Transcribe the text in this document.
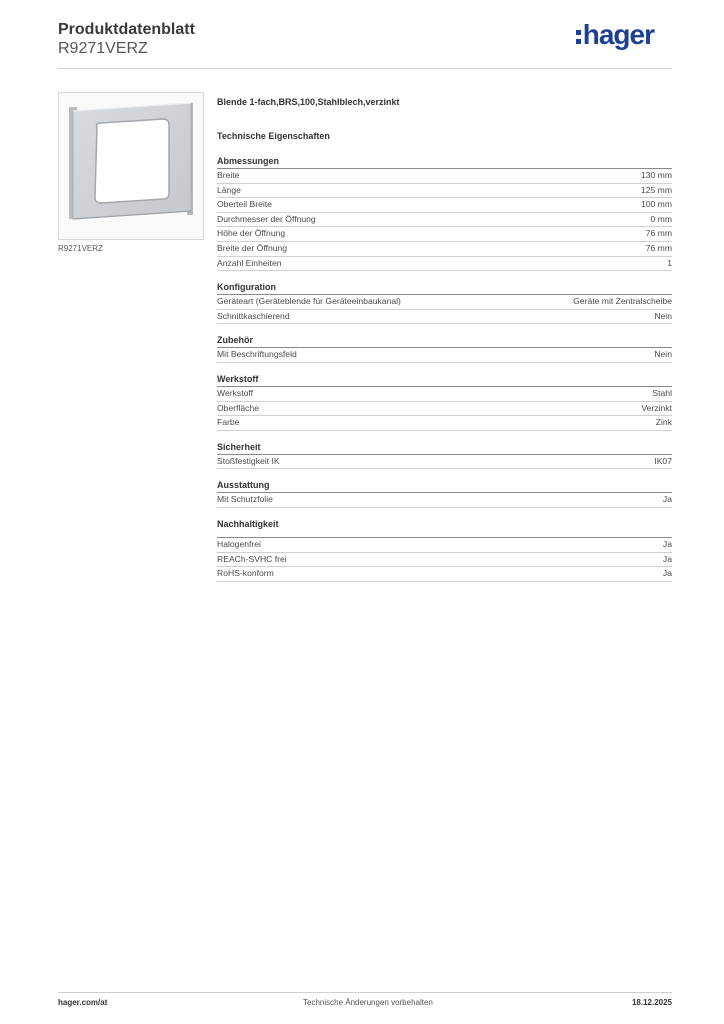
Produktdatenblatt
R9271VERZ	hager
R9271VERZ
Blende 1-fach,BRS,100,Stahlblech,verzinkt
Technische Eigenschaften
Abmessungen
Breite	130 mm
Länge	125 mm
Oberteil Breite	100 mm
Durchmesser der Öffnung	0 mm
Höhe der Öffnung	76 mm
Breite der Öffnung	76 mm
Anzahl Einheiten	1
Konfiguration
Geräteart (Geräteblende für Geräteeinbaukanal)	Geräte mit Zentralscheibe
Schnittkaschierend	Nein
Zubehör
Mit Beschriftungsfeld	Nein
Werkstoff
Werkstoff	Stahl
Oberfläche	Verzinkt
Farbe	Zink
Sicherheit
Stoßfestigkeit IK	IK07
Ausstattung
Mit Schutzfolie	Ja
Nachhaltigkeit
Halogenfrei	Ja
REACh-SVHC frei	Ja
RoHS-konform	Ja
hager.com/at	Technische Änderungen vorbehalten	18.12.2025
